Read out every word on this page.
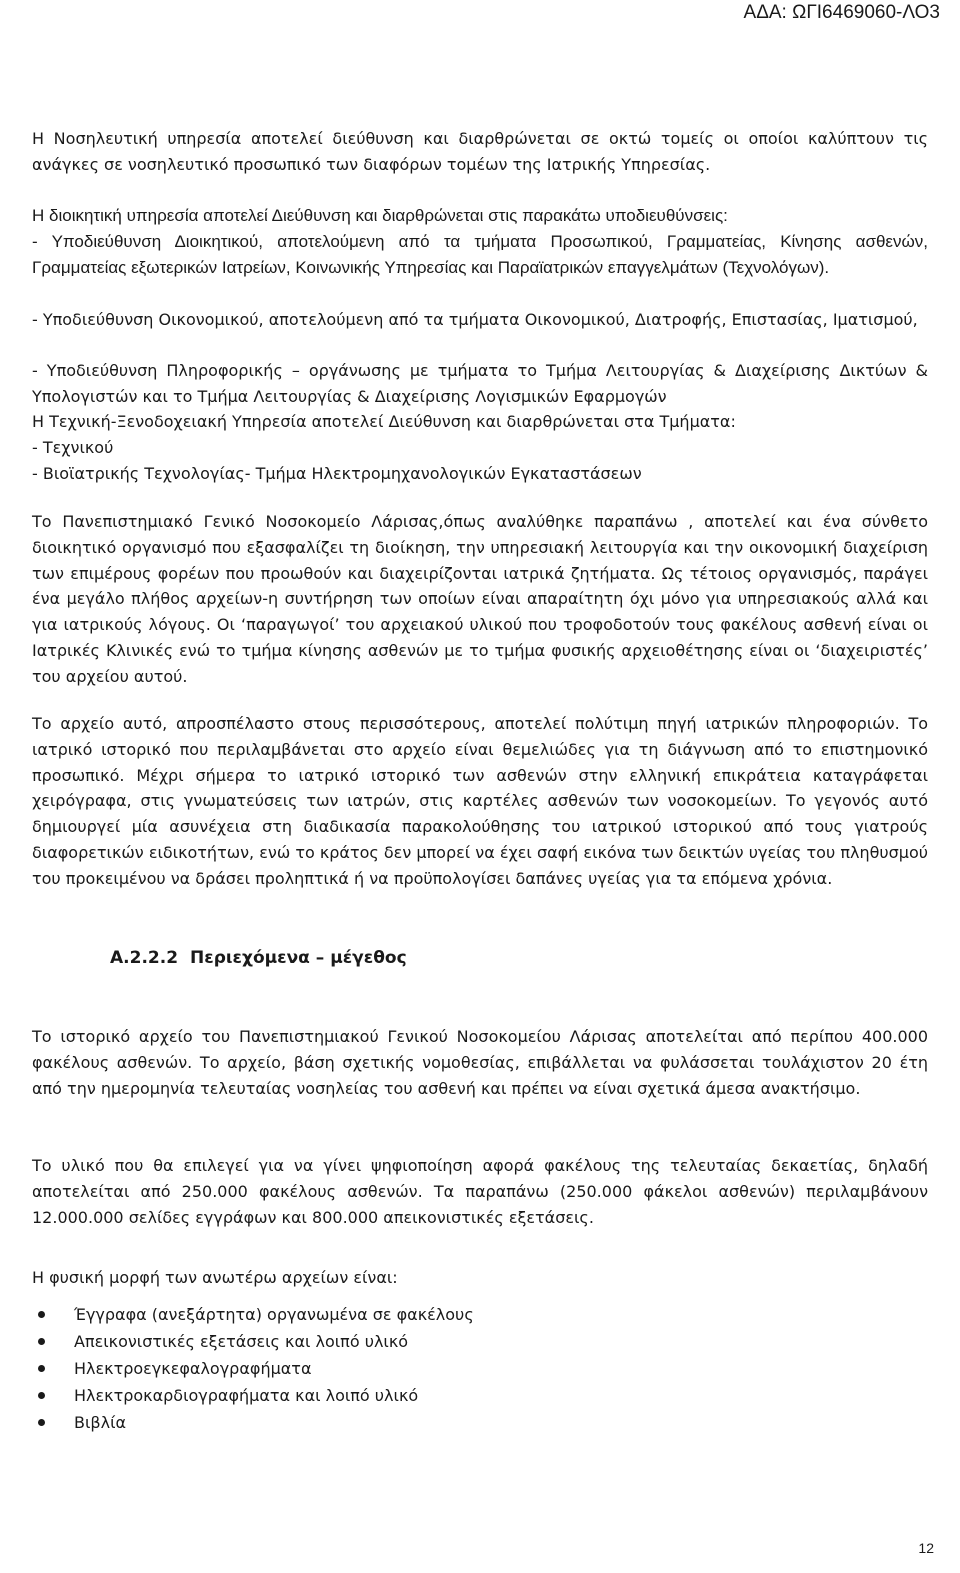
ΑΔΑ: ΩΓΙ6469060-ΛΟ3

Η Νοσηλευτική υπηρεσία αποτελεί διεύθυνση και διαρθρώνεται σε οκτώ τομείς οι οποίοι καλύπτουν τις ανάγκες σε νοσηλευτικό προσωπικό των διαφόρων τομέων της Ιατρικής Υπηρεσίας.

Η διοικητική υπηρεσία αποτελεί Διεύθυνση και διαρθρώνεται στις παρακάτω υποδιευθύνσεις:

- Υποδιεύθυνση Διοικητικού, αποτελούμενη από τα τμήματα Προσωπικού, Γραμματείας, Κίνησης ασθενών, Γραμματείας εξωτερικών Ιατρείων, Κοινωνικής Υπηρεσίας και Παραϊατρικών επαγγελμάτων (Τεχνολόγων).

- Υποδιεύθυνση Οικονομικού, αποτελούμενη από τα τμήματα Οικονομικού, Διατροφής, Επιστασίας, Ιματισμού,

- Υποδιεύθυνση Πληροφορικής – οργάνωσης με τμήματα το Τμήμα Λειτουργίας & Διαχείρισης Δικτύων & Υπολογιστών και το Τμήμα Λειτουργίας & Διαχείρισης Λογισμικών Εφαρμογών

Η Τεχνική-Ξενοδοχειακή Υπηρεσία αποτελεί Διεύθυνση και διαρθρώνεται στα Τμήματα:

- Τεχνικού

- Βιοϊατρικής Τεχνολογίας- Τμήμα Ηλεκτρομηχανολογικών Εγκαταστάσεων

Το Πανεπιστημιακό Γενικό Νοσοκομείο Λάρισας,όπως αναλύθηκε παραπάνω , αποτελεί και ένα σύνθετο διοικητικό οργανισμό που εξασφαλίζει τη διοίκηση, την υπηρεσιακή λειτουργία και την οικονομική διαχείριση των επιμέρους φορέων που προωθούν και διαχειρίζονται ιατρικά ζητήματα. Ως τέτοιος οργανισμός, παράγει ένα μεγάλο πλήθος αρχείων-η συντήρηση των οποίων είναι απαραίτητη όχι μόνο για υπηρεσιακούς αλλά και για ιατρικούς λόγους. Οι ‘παραγωγοί’ του αρχειακού υλικού που τροφοδοτούν τους φακέλους ασθενή είναι οι Ιατρικές Κλινικές ενώ το τμήμα κίνησης ασθενών με το τμήμα φυσικής αρχειοθέτησης είναι οι ‘διαχειριστές’ του αρχείου αυτού.

Το αρχείο αυτό, απροσπέλαστο στους περισσότερους, αποτελεί πολύτιμη πηγή ιατρικών πληροφοριών. Το ιατρικό ιστορικό που περιλαμβάνεται στο αρχείο είναι θεμελιώδες για τη διάγνωση από το επιστημονικό προσωπικό. Μέχρι σήμερα το ιατρικό ιστορικό των ασθενών στην ελληνική επικράτεια καταγράφεται χειρόγραφα, στις γνωματεύσεις των ιατρών, στις καρτέλες ασθενών των νοσοκομείων. Το γεγονός αυτό δημιουργεί μία ασυνέχεια στη διαδικασία παρακολούθησης του ιατρικού ιστορικού από τους γιατρούς διαφορετικών ειδικοτήτων, ενώ το κράτος δεν μπορεί να έχει σαφή εικόνα των δεικτών υγείας του πληθυσμού του προκειμένου να δράσει προληπτικά ή να προϋπολογίσει δαπάνες υγείας για τα επόμενα χρόνια.

Α.2.2.2 Περιεχόμενα – μέγεθος

Το ιστορικό αρχείο του Πανεπιστημιακού Γενικού Νοσοκομείου Λάρισας αποτελείται από περίπου 400.000 φακέλους ασθενών. Το αρχείο, βάση σχετικής νομοθεσίας, επιβάλλεται να φυλάσσεται τουλάχιστον 20 έτη από την ημερομηνία τελευταίας νοσηλείας του ασθενή και πρέπει να είναι σχετικά άμεσα ανακτήσιμο.

Το υλικό που θα επιλεγεί για να γίνει ψηφιοποίηση αφορά φακέλους της τελευταίας δεκαετίας, δηλαδή αποτελείται από 250.000 φακέλους ασθενών. Τα παραπάνω (250.000 φάκελοι ασθενών) περιλαμβάνουν 12.000.000 σελίδες εγγράφων και 800.000 απεικονιστικές εξετάσεις.

Η φυσική μορφή των ανωτέρω αρχείων είναι:

Έγγραφα (ανεξάρτητα) οργανωμένα σε φακέλους
Απεικονιστικές εξετάσεις και λοιπό υλικό
Ηλεκτροεγκεφαλογραφήματα
Ηλεκτροκαρδιογραφήματα και λοιπό υλικό
Βιβλία
12
